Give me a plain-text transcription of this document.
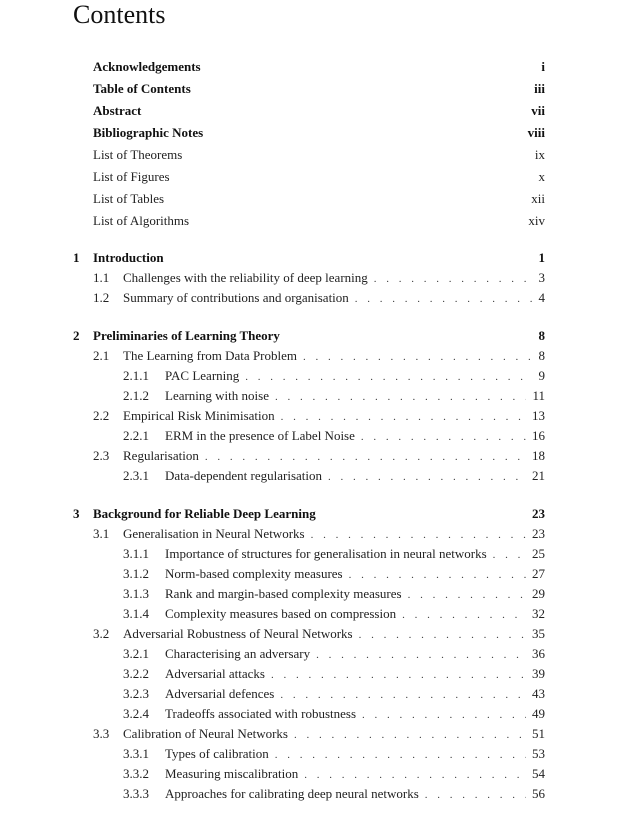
Contents
Acknowledgements	i
Table of Contents	iii
Abstract	vii
Bibliographic Notes	viii
List of Theorems	ix
List of Figures	x
List of Tables	xii
List of Algorithms	xiv
1	Introduction	1
1.1	Challenges with the reliability of deep learning . . .	3
1.2	Summary of contributions and organisation . . .	4
2	Preliminaries of Learning Theory	8
2.1	The Learning from Data Problem . . .	8
2.1.1	PAC Learning . . .	9
2.1.2	Learning with noise . . .	11
2.2	Empirical Risk Minimisation . . .	13
2.2.1	ERM in the presence of Label Noise . . .	16
2.3	Regularisation . . .	18
2.3.1	Data-dependent regularisation . . .	21
3	Background for Reliable Deep Learning	23
3.1	Generalisation in Neural Networks . . .	23
3.1.1	Importance of structures for generalisation in neural networks . . .	25
3.1.2	Norm-based complexity measures . . .	27
3.1.3	Rank and margin-based complexity measures . . .	29
3.1.4	Complexity measures based on compression . . .	32
3.2	Adversarial Robustness of Neural Networks . . .	35
3.2.1	Characterising an adversary . . .	36
3.2.2	Adversarial attacks . . .	39
3.2.3	Adversarial defences . . .	43
3.2.4	Tradeoffs associated with robustness . . .	49
3.3	Calibration of Neural Networks . . .	51
3.3.1	Types of calibration . . .	53
3.3.2	Measuring miscalibration . . .	54
3.3.3	Approaches for calibrating deep neural networks . . .	56
